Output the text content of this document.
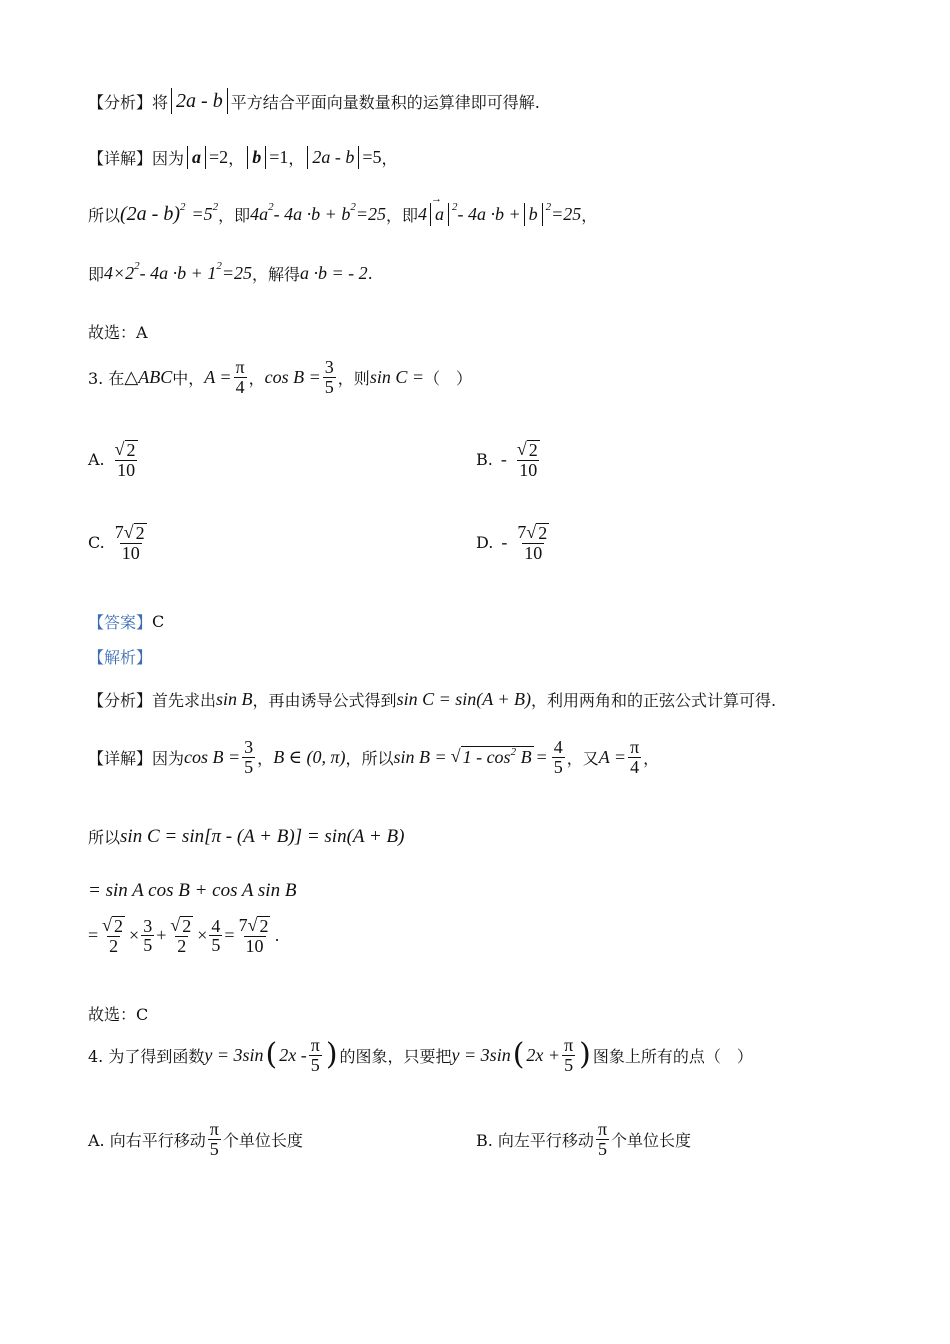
【分析】 将 2a - b 平方结合平面向量数量积的运算律即可得解.
【详解】 因为 a =2 ， b =1 ， 2a - b =5 ，
所以 (2a - b) 2 =5 2 ，即 4a 2 - 4a ·b + b 2 =25 ，即 4
→ a 2 - 4a ·b + b 2 =25 ，
即 4×2 2 - 4a ·b + 1 2 =25 ，解得 a ·b = - 2 .
故选：A
3. 在 △ABC 中， $A = \frac{\pi}{4}$ ， $\cos B = \frac{3}{5}$ ，则 sin C = （　）
A. $\frac{√ 2}{10}$	B. - $\frac{√ 2}{10}$
C. $\frac{7 √ 2}{10}$	D. - $\frac{7 √ 2}{10}$
【答案】 C
【解析】
【分析】 首先求出 sin B ，再由诱导公式得到 sin C = sin(A + B) ，利用两角和的正弦公式计算可得.
【详解】 因为 $\cos B = \frac{3}{5}$ ， B ∈ (0, π) ，所以 sin B = √ $1 - \cos^2 B = \frac{4}{5}$ ，又 $A = \frac{\pi}{4}$ ，
所以 sin C = sin[π - (A + B)] = sin(A + B)
= sin A cos B + cos A sin B
= $\frac{√ 2}{2} \times \frac{3}{5} + \frac{√ 2}{2} \times \frac{4}{5} = \frac{7 √ 2}{10}$ .
故选：C
4. 为了得到函数 y = 3sin ( $2x - \frac{\pi}{5}$ ) 的图象，只要把 y = 3sin ( $2x + \frac{\pi}{5}$ ) 图象上所有的点（　）
A. 向右平行移动 $\frac{\pi}{5}$ 个单位长度	B. 向左平行移动 $\frac{\pi}{5}$ 个单位长度
